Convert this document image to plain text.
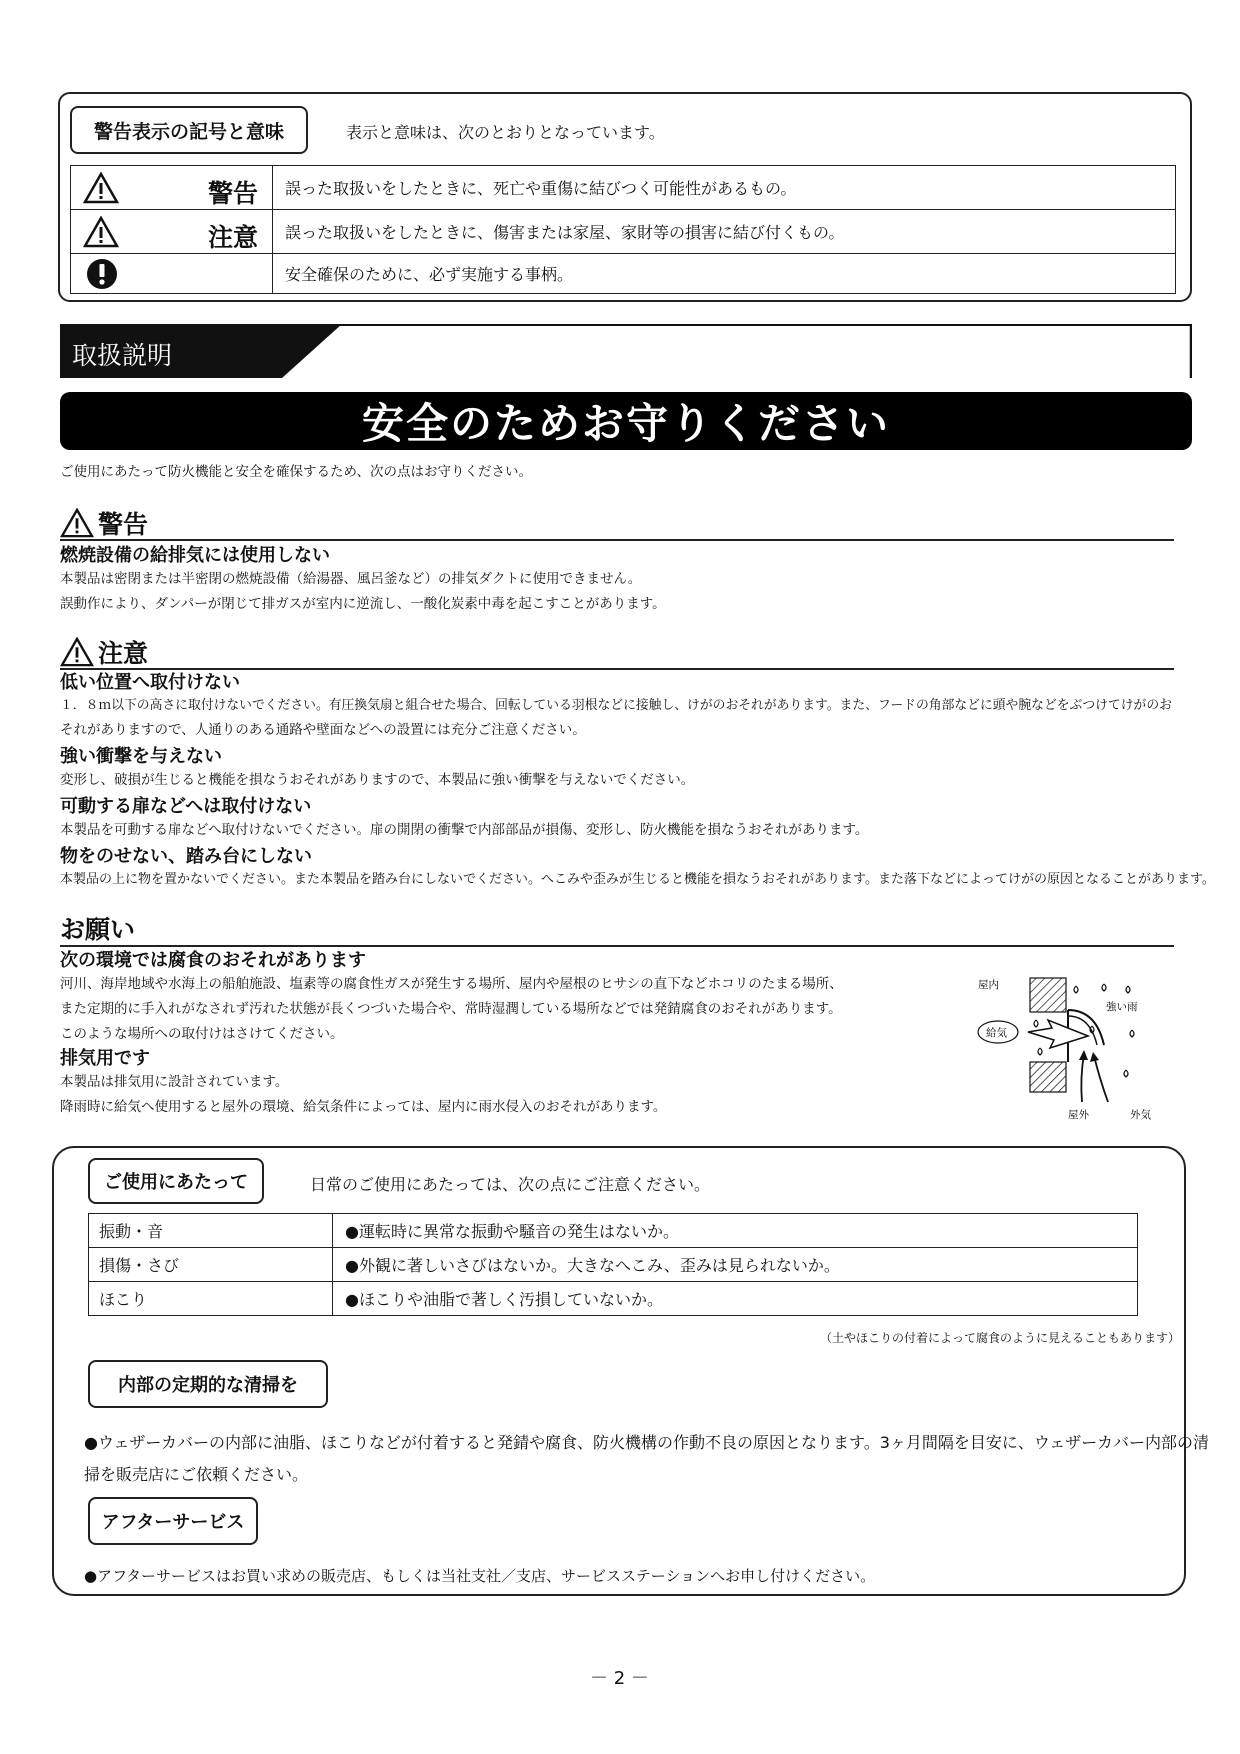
警告表示の記号と意味	表示と意味は、次のとおりとなっています。
警告	誤った取扱いをしたときに、死亡や重傷に結びつく可能性があるもの。

注意	誤った取扱いをしたときに、傷害または家屋、家財等の損害に結び付くもの。

	安全確保のために、必ず実施する事柄。
取扱説明
安全のためお守りください
ご使用にあたって防火機能と安全を確保するため、次の点はお守りください。
警告
燃焼設備の給排気には使用しない
本製品は密閉または半密閉の燃焼設備（給湯器、風呂釜など）の排気ダクトに使用できません。
誤動作により、ダンパーが閉じて排ガスが室内に逆流し、一酸化炭素中毒を起こすことがあります。
注意
低い位置へ取付けない
１．８ｍ以下の高さに取付けないでください。有圧換気扇と組合せた場合、回転している羽根などに接触し、けがのおそれがあります。また、フードの角部などに頭や腕などをぶつけてけがのお
それがありますので、人通りのある通路や壁面などへの設置には充分ご注意ください。
強い衝撃を与えない
変形し、破損が生じると機能を損なうおそれがありますので、本製品に強い衝撃を与えないでください。
可動する扉などへは取付けない
本製品を可動する扉などへ取付けないでください。扉の開閉の衝撃で内部部品が損傷、変形し、防火機能を損なうおそれがあります。
物をのせない、踏み台にしない
本製品の上に物を置かないでください。また本製品を踏み台にしないでください。へこみや歪みが生じると機能を損なうおそれがあります。また落下などによってけがの原因となることがあります。
お願い
次の環境では腐食のおそれがあります
河川、海岸地域や水海上の船舶施設、塩素等の腐食性ガスが発生する場所、屋内や屋根のヒサシの直下などホコリのたまる場所、
また定期的に手入れがなされず汚れた状態が長くつづいた場合や、常時湿潤している場所などでは発錆腐食のおそれがあります。
このような場所への取付けはさけてください。
排気用です
本製品は排気用に設計されています。
降雨時に給気へ使用すると屋外の環境、給気条件によっては、屋内に雨水侵入のおそれがあります。
屋内
強い雨
給気
屋外	外気
ご使用にあたって	日常のご使用にあたっては、次の点にご注意ください。
振動・音	●運転時に異常な振動や騒音の発生はないか。
損傷・さび	●外観に著しいさびはないか。大きなへこみ、歪みは見られないか。
ほこり	●ほこりや油脂で著しく汚損していないか。
（土やほこりの付着によって腐食のように見えることもあります）
内部の定期的な清掃を
●ウェザーカバーの内部に油脂、ほこりなどが付着すると発錆や腐食、防火機構の作動不良の原因となります。3ヶ月間隔を目安に、ウェザーカバー内部の清
掃を販売店にご依頼ください。
アフターサービス
●アフターサービスはお買い求めの販売店、もしくは当社支社／支店、サービスステーションへお申し付けください。
－ 2 －
